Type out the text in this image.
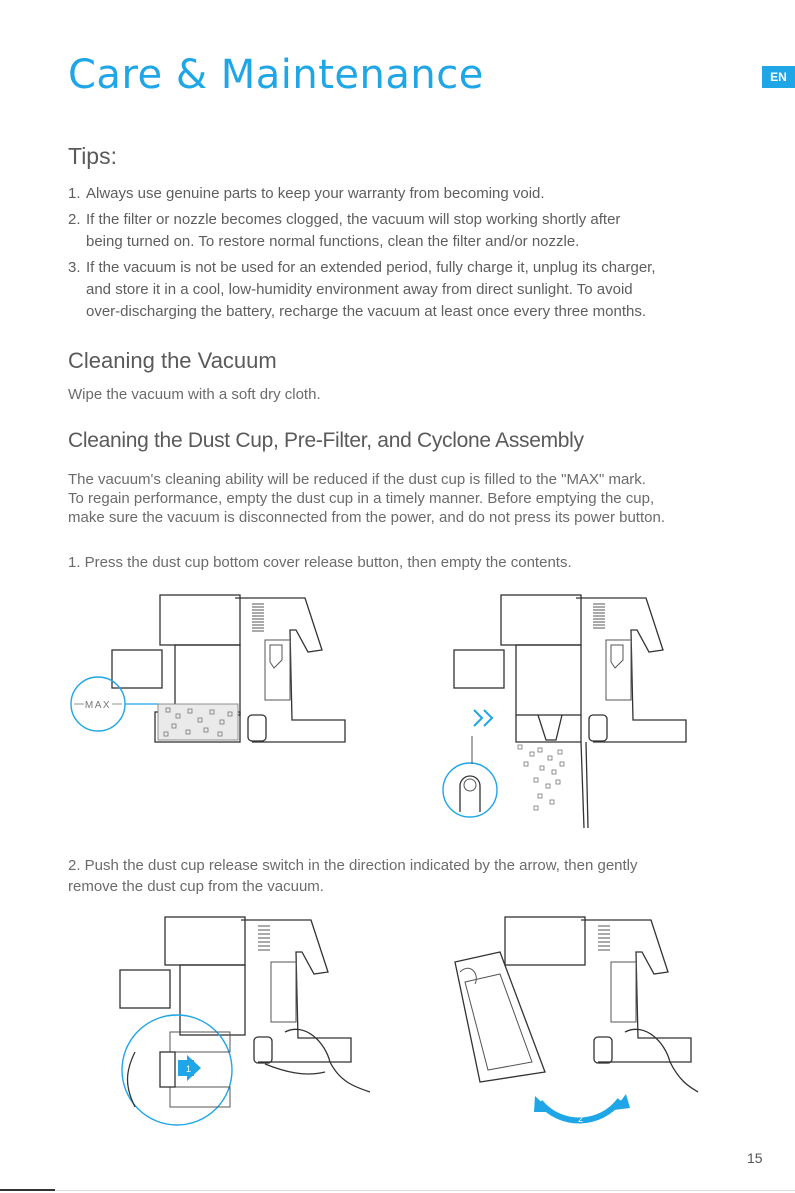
Care & Maintenance	EN
Tips:
1. Always use genuine parts to keep your warranty from becoming void.
2. If the filter or nozzle becomes clogged, the vacuum will stop working shortly after
being turned on. To restore normal functions, clean the filter and/or nozzle.
3. If the vacuum is not be used for an extended period, fully charge it, unplug its charger,
and store it in a cool, low-humidity environment away from direct sunlight. To avoid
over-discharging the battery, recharge the vacuum at least once every three months.
Cleaning the Vacuum
Wipe the vacuum with a soft dry cloth.
Cleaning the Dust Cup, Pre-Filter, and Cyclone Assembly
The vacuum's cleaning ability will be reduced if the dust cup is filled to the "MAX" mark.
To regain performance, empty the dust cup in a timely manner. Before emptying the cup,
make sure the vacuum is disconnected from the power, and do not press its power button.
1. Press the dust cup bottom cover release button, then empty the contents.
MAX
2. Push the dust cup release switch in the direction indicated by the arrow, then gently
remove the dust cup from the vacuum.
1
2
15
